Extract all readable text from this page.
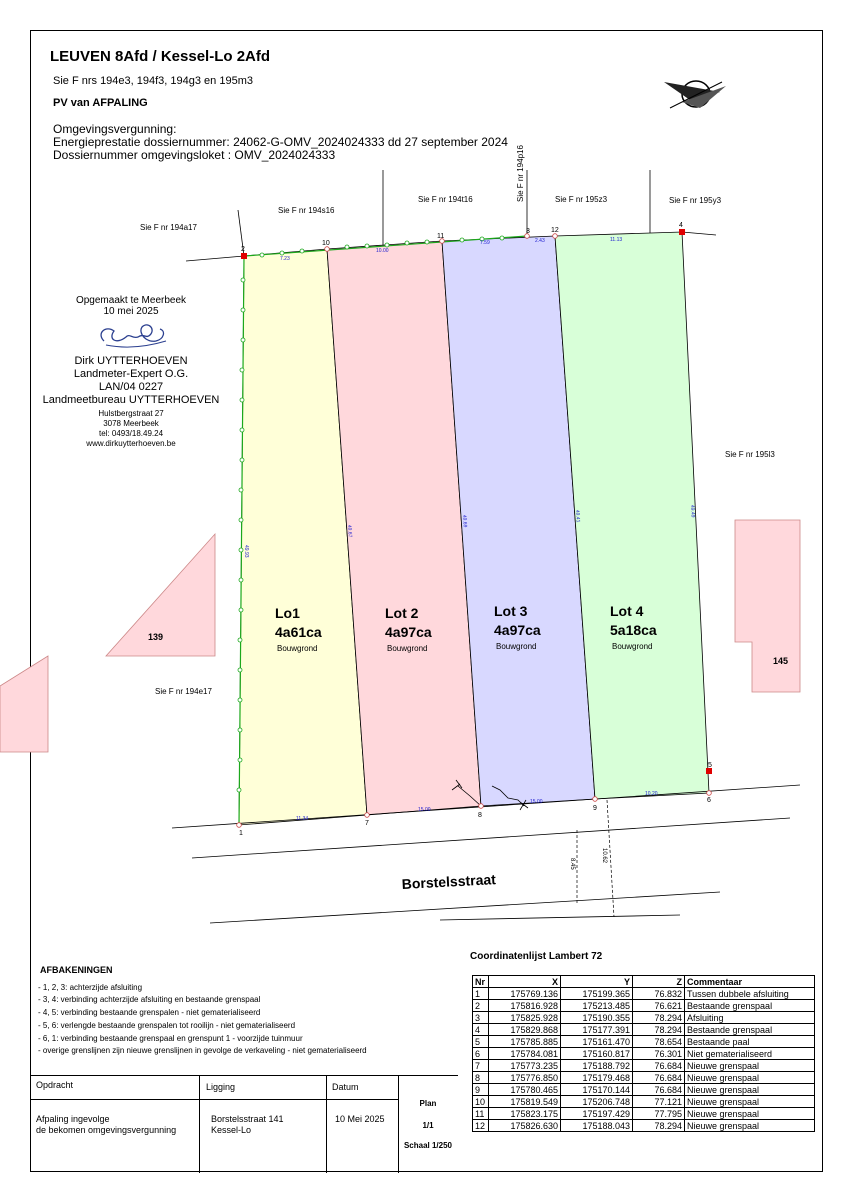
LEUVEN 8Afd / Kessel-Lo 2Afd
Sie F nrs 194e3, 194f3, 194g3 en 195m3
PV van AFPALING
Omgevingsvergunning:
Energieprestatie dossiernummer: 24062-G-OMV_2024024333 dd 27 september 2024
Dossiernummer omgevingsloket : OMV_2024024333
Opgemaakt te Meerbeek
10 mei 2025
Dirk UYTTERHOEVEN
Landmeter-Expert O.G.
LAN/04 0227
Landmeetbureau UYTTERHOEVEN
Hulstbergstraat 27
3078 Meerbeek
tel: 0493/18.49.24
www.dirkuytterhoeven.be
1
2
3
4
5
6
7
8
9
10
11
12
7.23
10.00
7.59	2.43	11.13
11.34
15.00
15.00
10.20
49.93
49.67
49.69	49.41	49.49
8.45
10.62
Sie F nr 194a17
Sie F nr 194s16
Sie F nr 194t16	Sie F nr 194p16	Sie F nr 195z3	Sie F nr 195y3
Sie F nr 195l3
Sie F nr 194e17
139
145
Borstelsstraat
Lo1
4a61ca
Bouwgrond
Lot 2
4a97ca
Bouwgrond
Lot 3
4a97ca
Bouwgrond
Lot 4
5a18ca
Bouwgrond
AFBAKENINGEN
- 1, 2, 3: achterzijde afsluiting
- 3, 4: verbinding achterzijde afsluiting en bestaande grenspaal
- 4, 5: verbinding bestaande grenspalen - niet gematerialiseerd
- 5, 6: verlengde bestaande grenspalen tot rooilijn - niet gematerialiseerd
- 6, 1: verbinding bestaande grenspaal en grenspunt 1 - voorzijde tuinmuur
- overige grenslijnen zijn nieuwe grenslijnen in gevolge de verkaveling - niet gematerialiseerd
Coordinatenlijst Lambert 72
Nr	X	Y	Z	Commentaar
1	175769.136	175199.365	76.832	Tussen dubbele afsluiting
2	175816.928	175213.485	76.621	Bestaande grenspaal
3	175825.928	175190.355	78.294	Afsluiting
4	175829.868	175177.391	78.294	Bestaande grenspaal
5	175785.885	175161.470	78.654	Bestaande paal
6	175784.081	175160.817	76.301	Niet gematerialiseerd
7	175773.235	175188.792	76.684	Nieuwe grenspaal
8	175776.850	175179.468	76.684	Nieuwe grenspaal
9	175780.465	175170.144	76.684	Nieuwe grenspaal
10	175819.549	175206.748	77.121	Nieuwe grenspaal
11	175823.175	175197.429	77.795	Nieuwe grenspaal
12	175826.630	175188.043	78.294	Nieuwe grenspaal
Opdracht	Ligging	Datum
Afpaling ingevolge
de bekomen omgevingsvergunning
Borstelsstraat 141
Kessel-Lo
10 Mei 2025
Plan
1/1
Schaal 1/250
